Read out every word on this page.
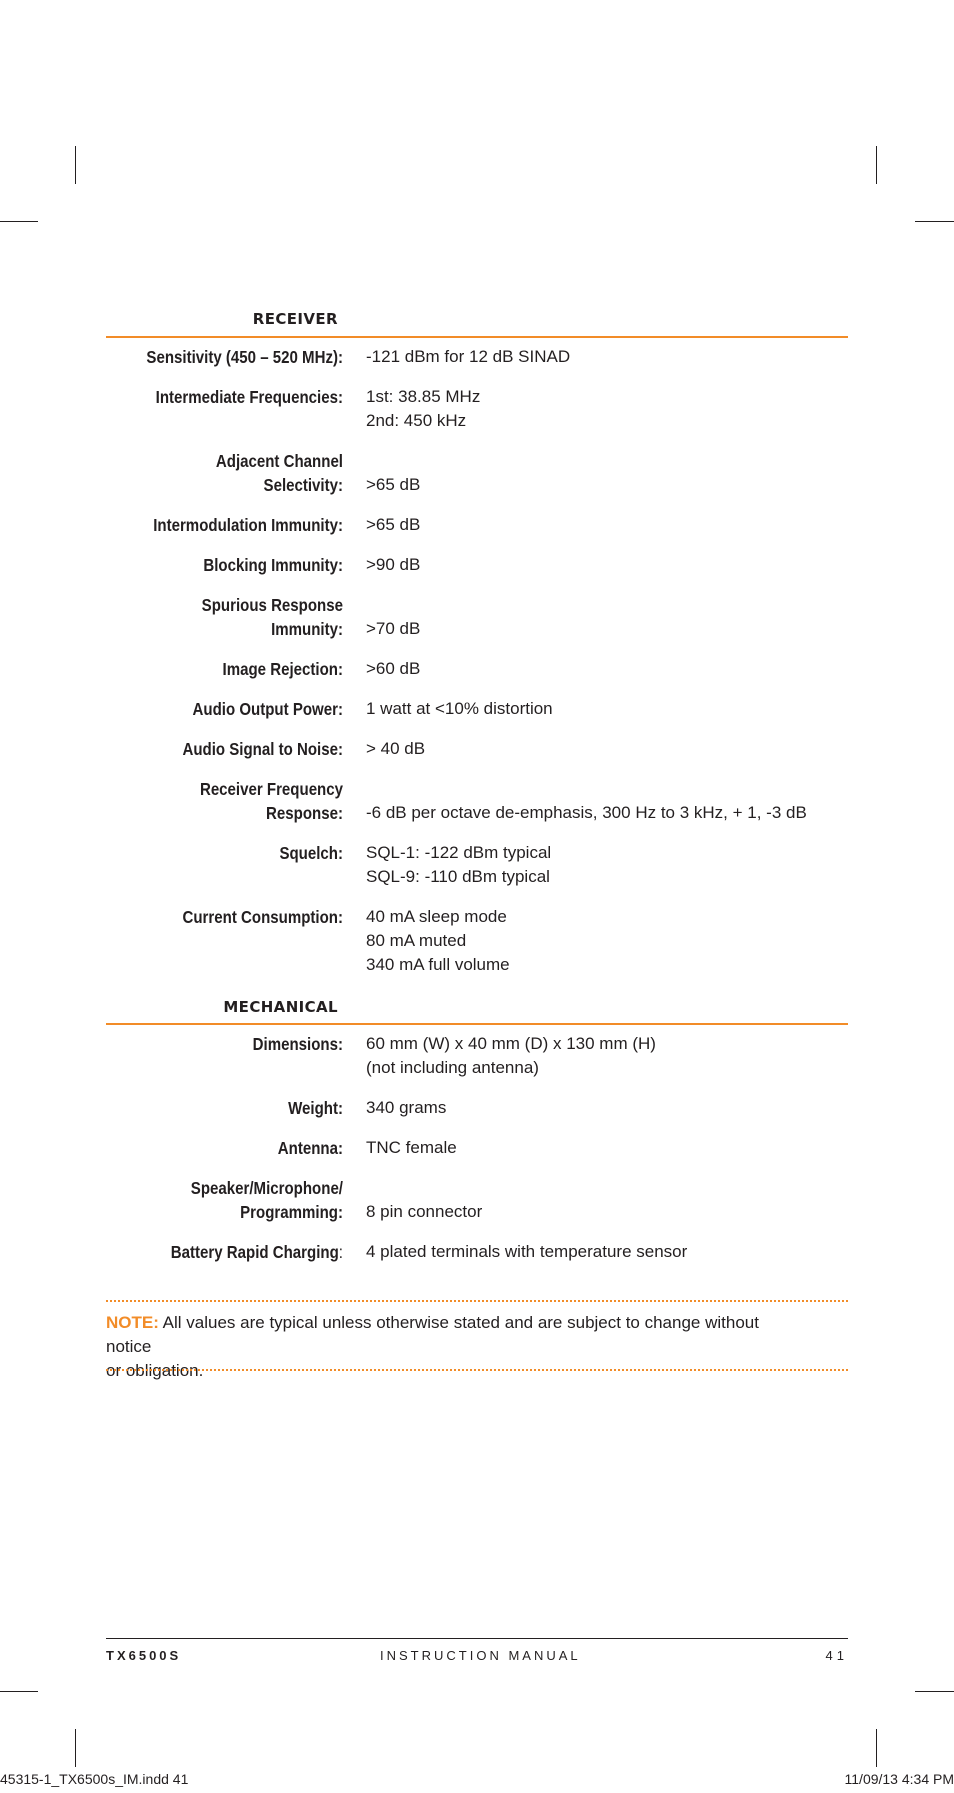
RECEIVER
Sensitivity (450 – 520 MHz): -121 dBm for 12 dB SINAD
Intermediate Frequencies: 1st: 38.85 MHz
2nd: 450 kHz
Adjacent Channel
Selectivity: >65 dB
Intermodulation Immunity: >65 dB
Blocking Immunity: >90 dB
Spurious Response
Immunity: >70 dB
Image Rejection: >60 dB
Audio Output Power: 1 watt at <10% distortion
Audio Signal to Noise: > 40 dB
Receiver Frequency
Response: -6 dB per octave de-emphasis, 300 Hz to 3 kHz, + 1, -3 dB
Squelch: SQL-1: -122 dBm typical
SQL-9: -110 dBm typical
Current Consumption: 40 mA sleep mode
80 mA muted
340 mA full volume
MECHANICAL
Dimensions: 60 mm (W) x 40 mm (D) x 130 mm (H)
(not including antenna)
Weight: 340 grams
Antenna: TNC female
Speaker/Microphone/
Programming: 8 pin connector
Battery Rapid Charging: 4 plated terminals with temperature sensor
NOTE: All values are typical unless otherwise stated and are subject to change without notice
or obligation.
TX6500S	INSTRUCTION MANUAL	41
45315-1_TX6500s_IM.indd 41	11/09/13 4:34 PM
